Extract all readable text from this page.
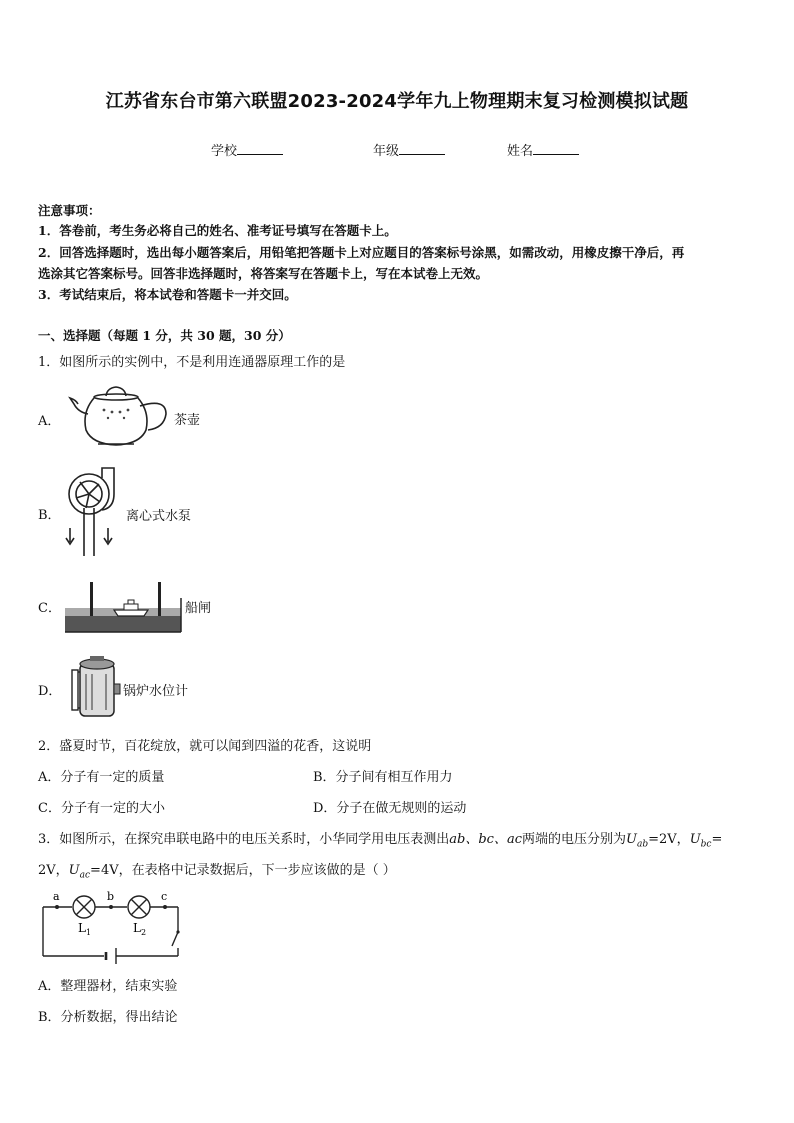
江苏省东台市第六联盟2023-2024学年九上物理期末复习检测模拟试题
学校	年级	姓名
注意事项：
1．答卷前，考生务必将自己的姓名、准考证号填写在答题卡上。
2．回答选择题时，选出每小题答案后，用铅笔把答题卡上对应题目的答案标号涂黑，如需改动，用橡皮擦干净后，再
选涂其它答案标号。回答非选择题时，将答案写在答题卡上，写在本试卷上无效。
3．考试结束后，将本试卷和答题卡一并交回。
一、选择题（每题 1 分，共 30 题，30 分）
1．如图所示的实例中，不是利用连通器原理工作的是
A．	茶壶
B．	离心式水泵
C．	船闸
D．	锅炉水位计
2．盛夏时节，百花绽放，就可以闻到四溢的花香，这说明
A．分子有一定的质量	B．分子间有相互作用力
C．分子有一定的大小	D．分子在做无规则的运动
3．如图所示，在探究串联电路中的电压关系时，小华同学用电压表测出ab、bc、ac两端的电压分别为$U_{ab}=2V$，$U_{bc}=$
2V，$U_{ac}=4V$，在表格中记录数据后，下一步应该做的是（ ）
a	b	c
$L_1$	$L_2$
A．整理器材，结束实验
B．分析数据，得出结论
